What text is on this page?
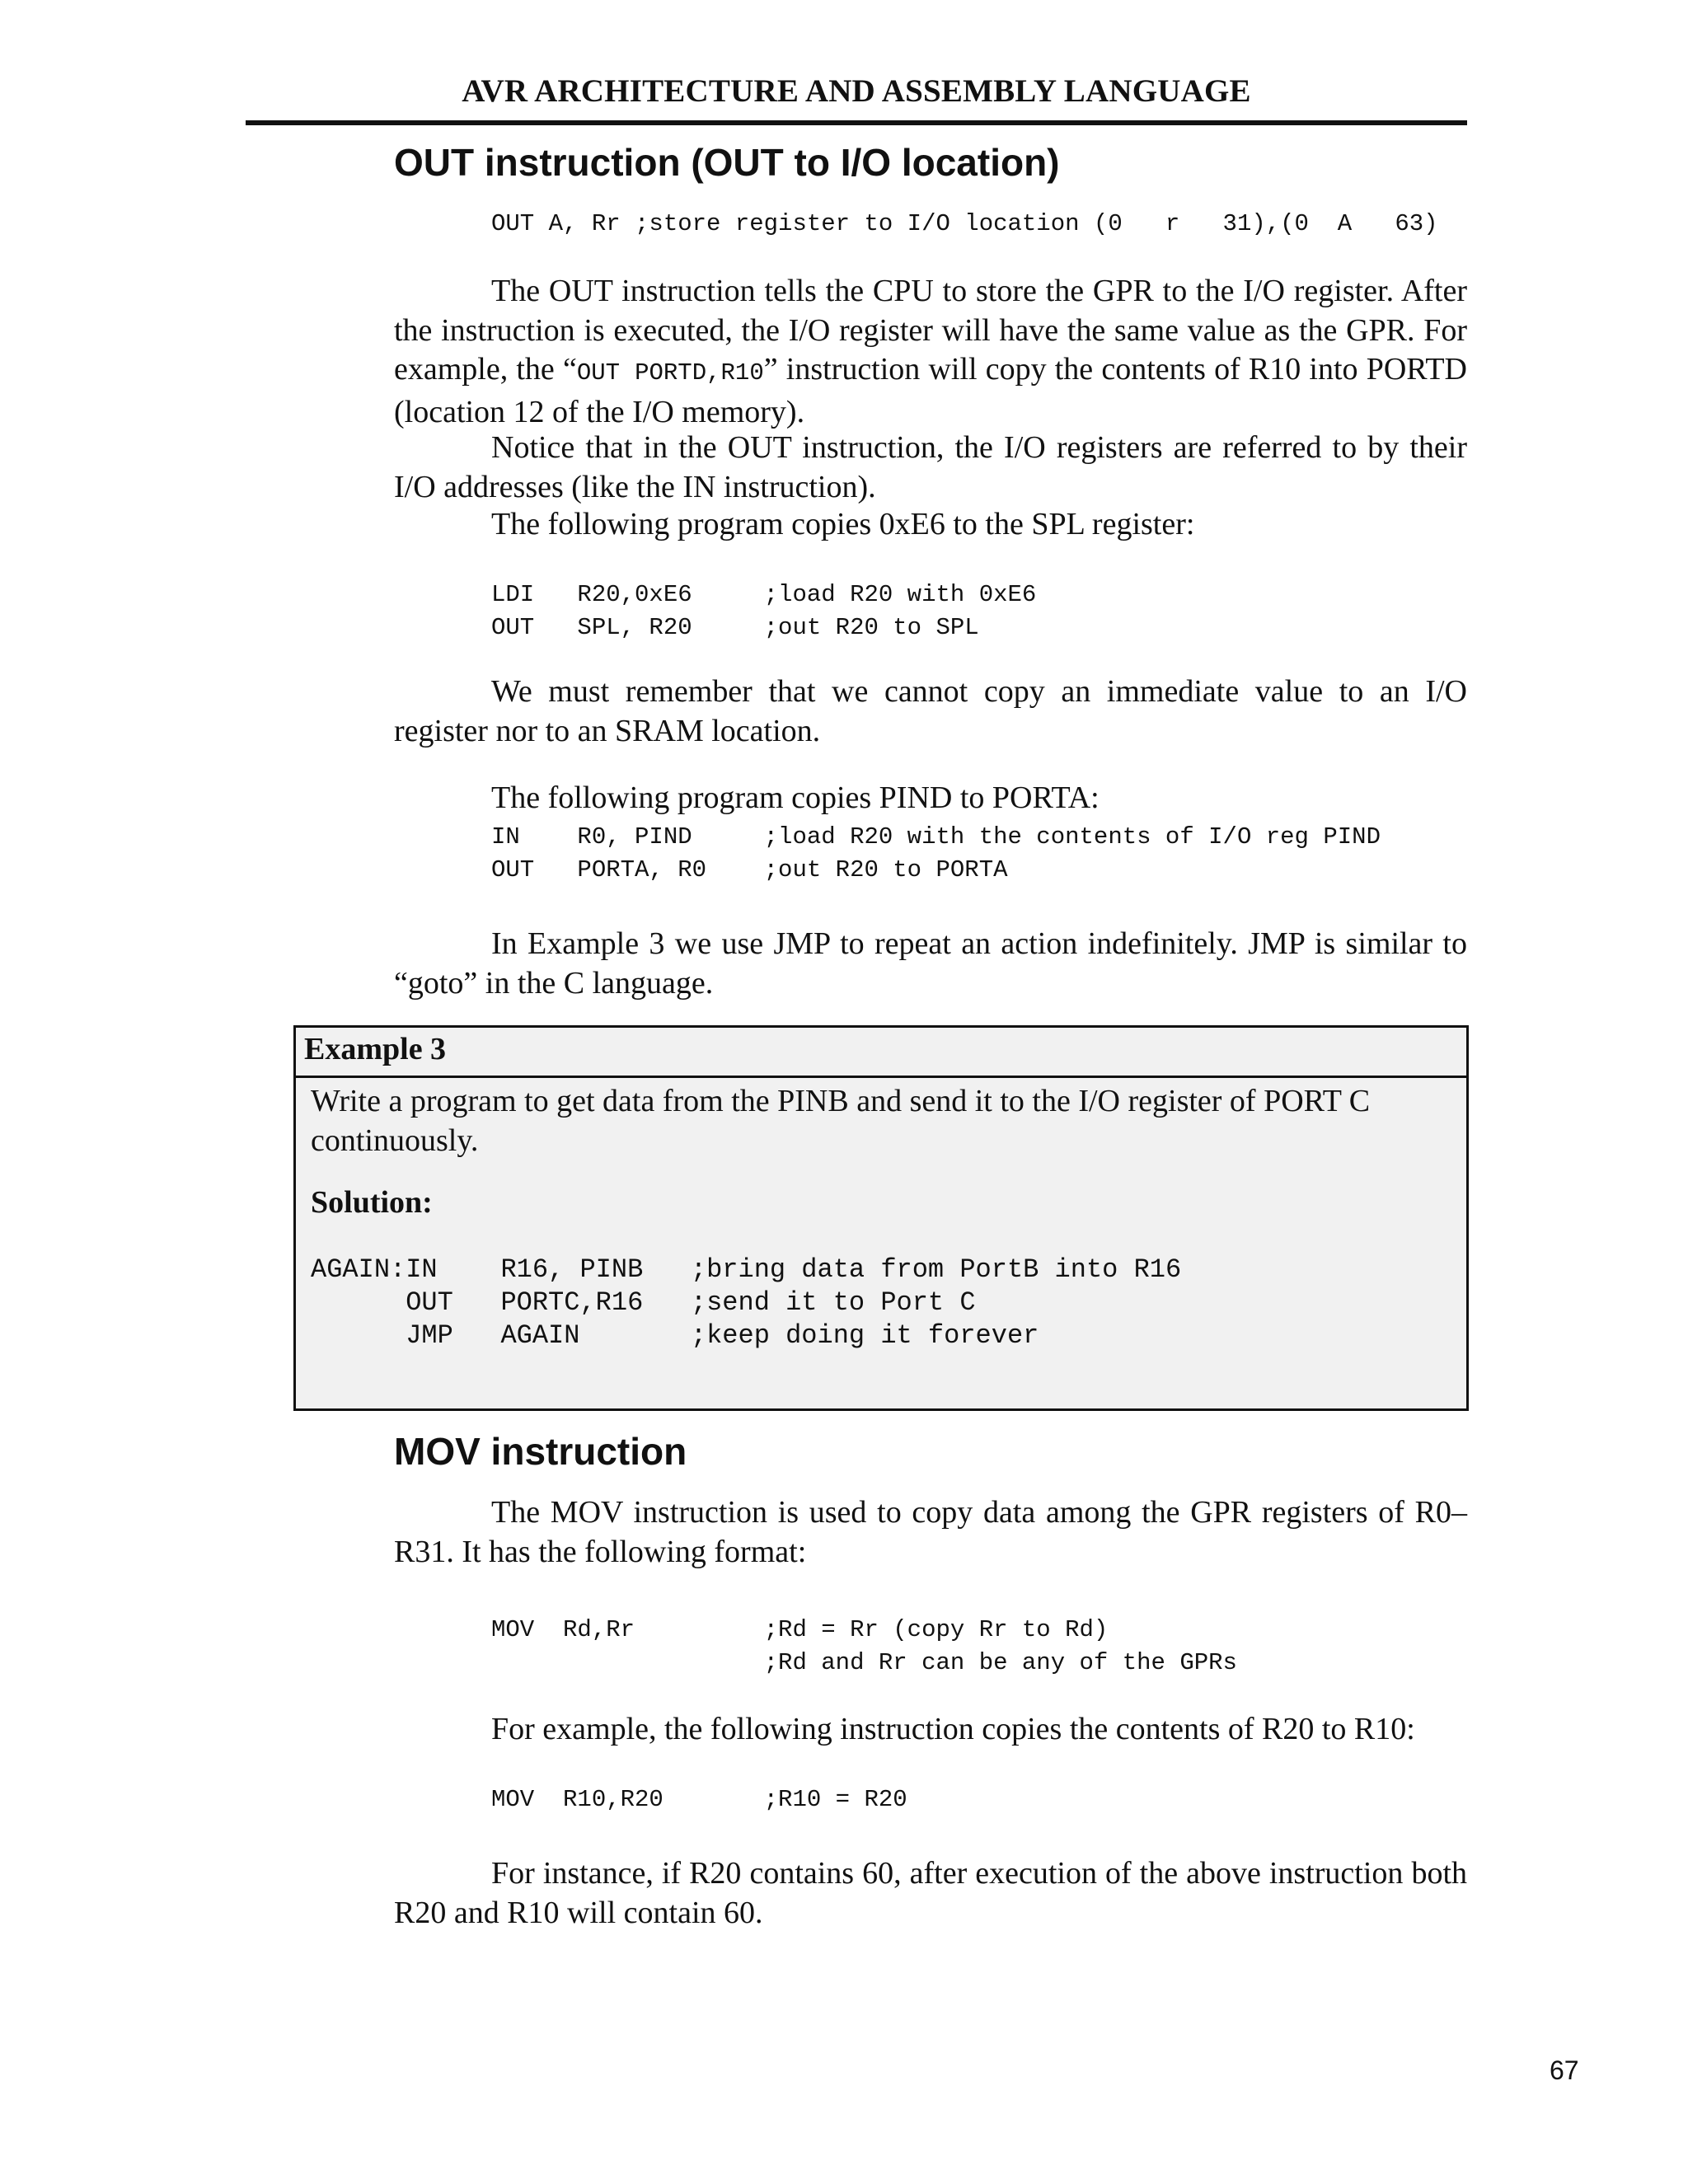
AVR ARCHITECTURE AND ASSEMBLY LANGUAGE
OUT instruction (OUT to I/O location)
OUT A, Rr ;store register to I/O location (0   r   31),(0  A   63)
The OUT instruction tells the CPU to store the GPR to the I/O register. After the instruction is executed, the I/O register will have the same value as the GPR. For example, the “OUT PORTD,R10” instruction will copy the contents of R10 into PORTD (location 12 of the I/O memory).
Notice that in the OUT instruction, the I/O registers are referred to by their I/O addresses (like the IN instruction).
The following program copies 0xE6 to the SPL register:
LDI   R20,0xE6     ;load R20 with 0xE6
OUT   SPL, R20     ;out R20 to SPL
We must remember that we cannot copy an immediate value to an I/O register nor to an SRAM location.
The following program copies PIND to PORTA:
IN    R0, PIND     ;load R20 with the contents of I/O reg PIND
OUT   PORTA, R0    ;out R20 to PORTA
In Example 3 we use JMP to repeat an action indefinitely. JMP is similar to “goto” in the C language.
Example 3
Write a program to get data from the PINB and send it to the I/O register of PORT C continuously.
Solution:
AGAIN:IN    R16, PINB   ;bring data from PortB into R16
OUT   PORTC,R16   ;send it to Port C
JMP   AGAIN       ;keep doing it forever
MOV instruction
The MOV instruction is used to copy data among the GPR registers of R0–R31. It has the following format:
MOV  Rd,Rr         ;Rd = Rr (copy Rr to Rd)
;Rd and Rr can be any of the GPRs
For example, the following instruction copies the contents of R20 to R10:
MOV  R10,R20       ;R10 = R20
For instance, if R20 contains 60, after execution of the above instruction both R20 and R10 will contain 60.
67
